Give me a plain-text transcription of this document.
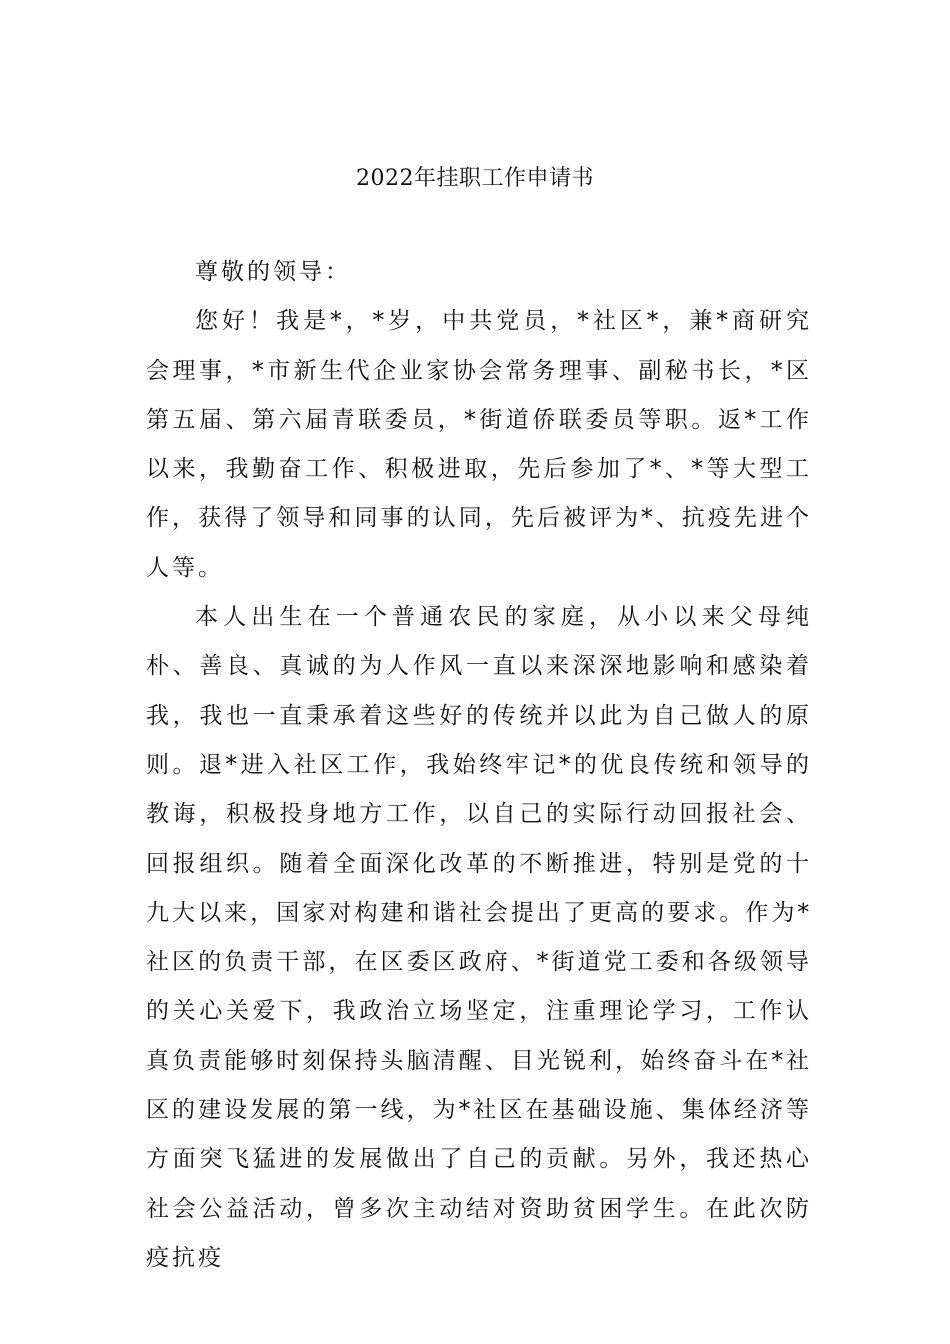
2022年挂职工作申请书

尊敬的领导：

您好！我是*，*岁，中共党员，*社区*，兼*商研究会理事，*市新生代企业家协会常务理事、副秘书长，*区第五届、第六届青联委员，*街道侨联委员等职。返*工作以来，我勤奋工作、积极进取，先后参加了*、*等大型工作，获得了领导和同事的认同，先后被评为*、抗疫先进个人等。

本人出生在一个普通农民的家庭，从小以来父母纯朴、善良、真诚的为人作风一直以来深深地影响和感染着我，我也一直秉承着这些好的传统并以此为自己做人的原则。退*进入社区工作，我始终牢记*的优良传统和领导的教诲，积极投身地方工作，以自己的实际行动回报社会、回报组织。随着全面深化改革的不断推进，特别是党的十九大以来，国家对构建和谐社会提出了更高的要求。作为*社区的负责干部，在区委区政府、*街道党工委和各级领导的关心关爱下，我政治立场坚定，注重理论学习，工作认真负责能够时刻保持头脑清醒、目光锐利，始终奋斗在*社区的建设发展的第一线，为*社区在基础设施、集体经济等方面突飞猛进的发展做出了自己的贡献。另外，我还热心社会公益活动，曾多次主动结对资助贫困学生。在此次防疫抗疫
